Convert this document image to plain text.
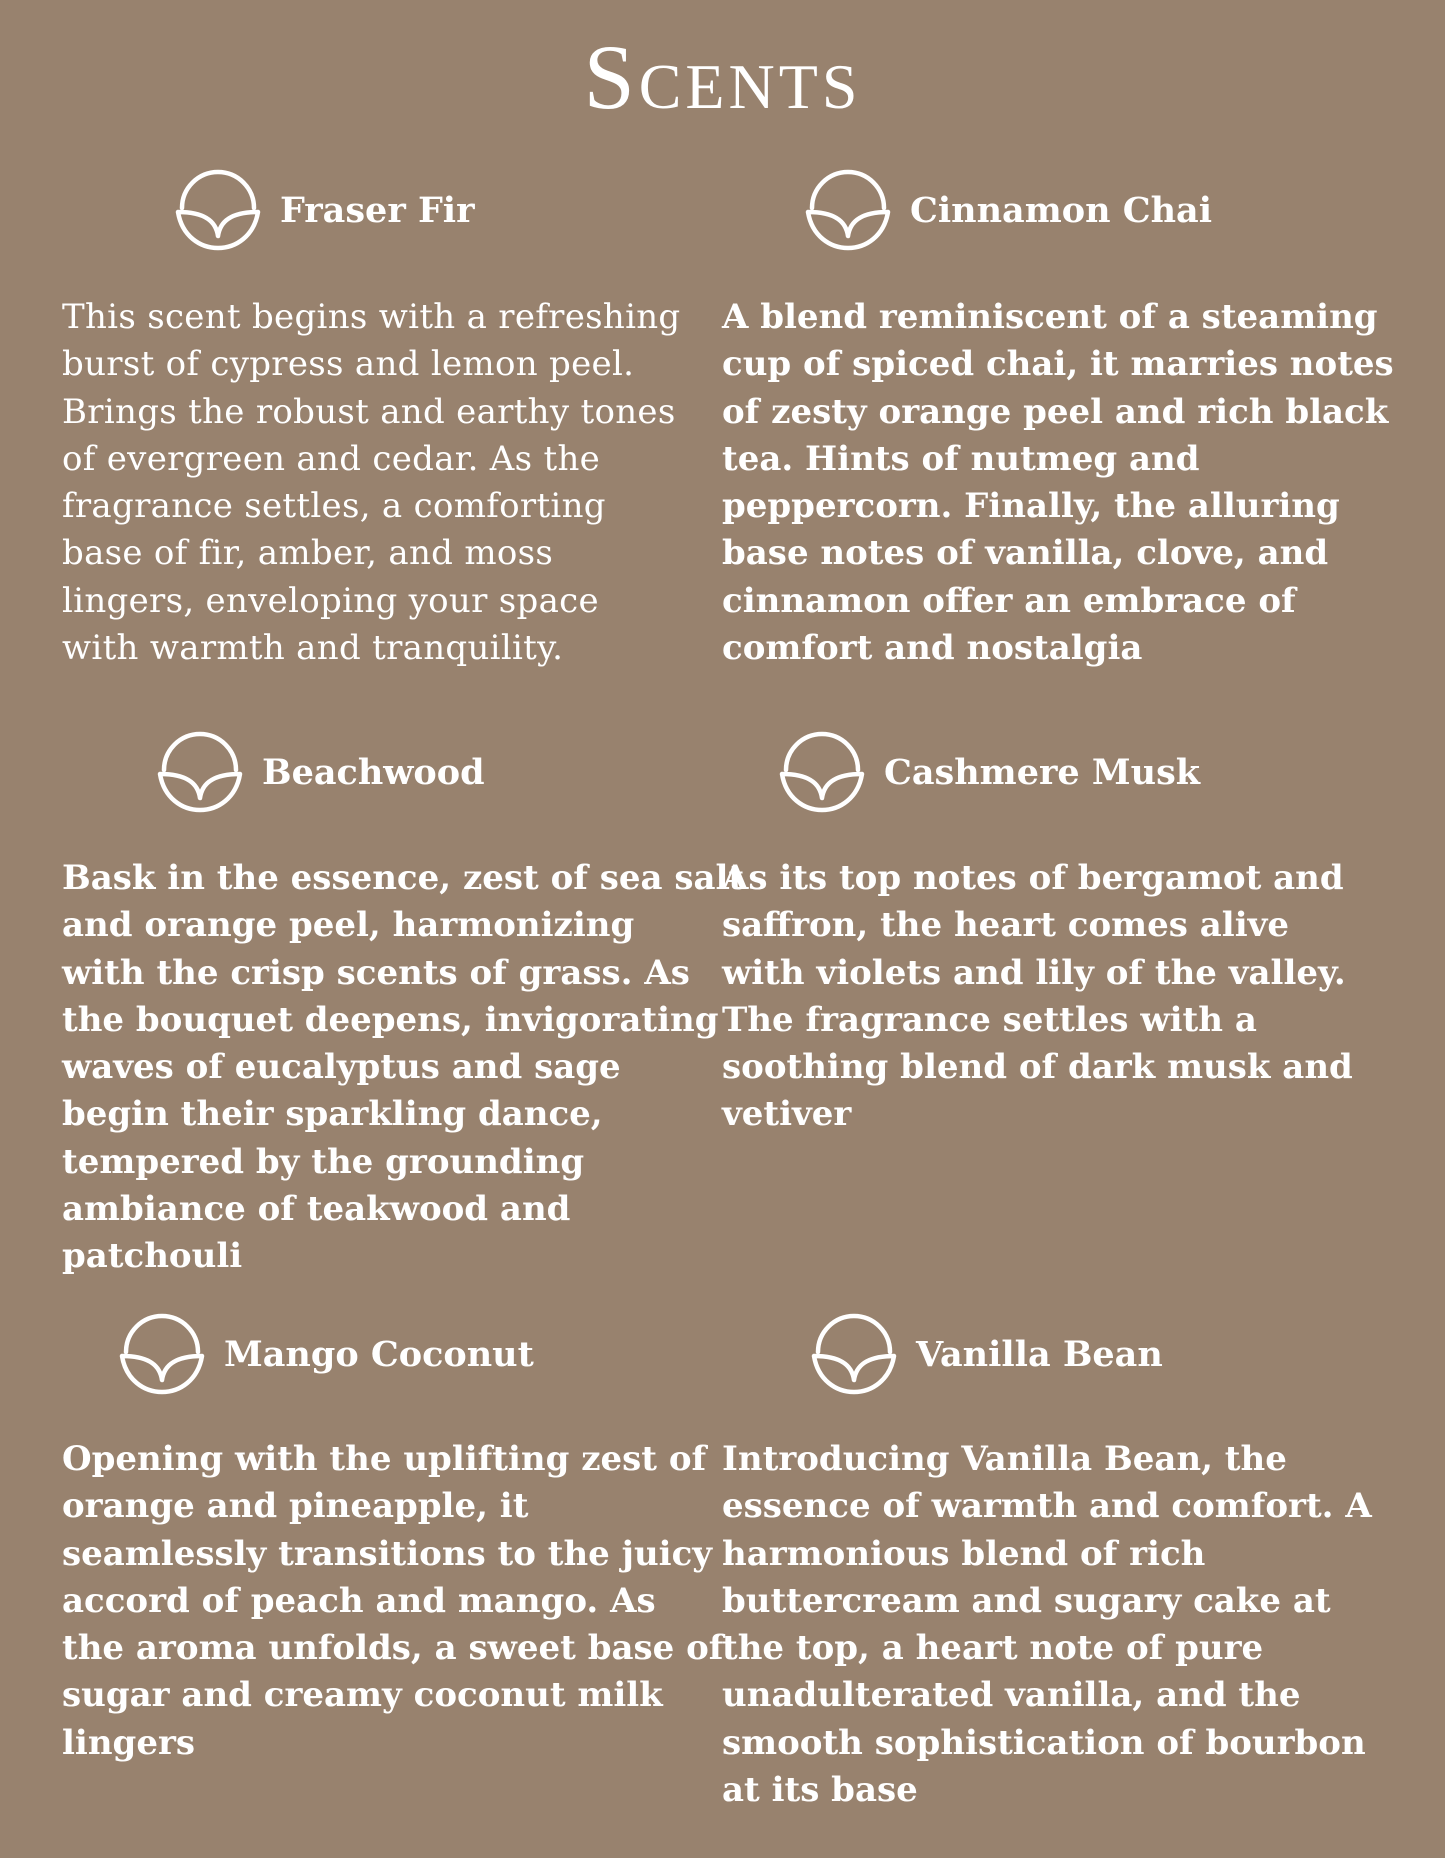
Scents
Fraser Fir

This scent begins with a refreshing
burst of cypress and lemon peel.
Brings the robust and earthy tones
of evergreen and cedar. As the
fragrance settles, a comforting
base of fir, amber, and moss
lingers, enveloping your space
with warmth and tranquility.

Cinnamon Chai

A blend reminiscent of a steaming
cup of spiced chai, it marries notes
of zesty orange peel and rich black
tea. Hints of nutmeg and
peppercorn. Finally, the alluring
base notes of vanilla, clove, and
cinnamon offer an embrace of
comfort and nostalgia

Beachwood

Bask in the essence, zest of sea salt
and orange peel, harmonizing
with the crisp scents of grass. As
the bouquet deepens, invigorating
waves of eucalyptus and sage
begin their sparkling dance,
tempered by the grounding
ambiance of teakwood and
patchouli

Cashmere Musk

As its top notes of bergamot and
saffron, the heart comes alive
with violets and lily of the valley.
The fragrance settles with a
soothing blend of dark musk and
vetiver

Mango Coconut

Opening with the uplifting zest of
orange and pineapple, it
seamlessly transitions to the juicy
accord of peach and mango. As
the aroma unfolds, a sweet base of
sugar and creamy coconut milk
lingers

Vanilla Bean

Introducing Vanilla Bean, the
essence of warmth and comfort. A
harmonious blend of rich
buttercream and sugary cake at
the top, a heart note of pure
unadulterated vanilla, and the
smooth sophistication of bourbon
at its base
